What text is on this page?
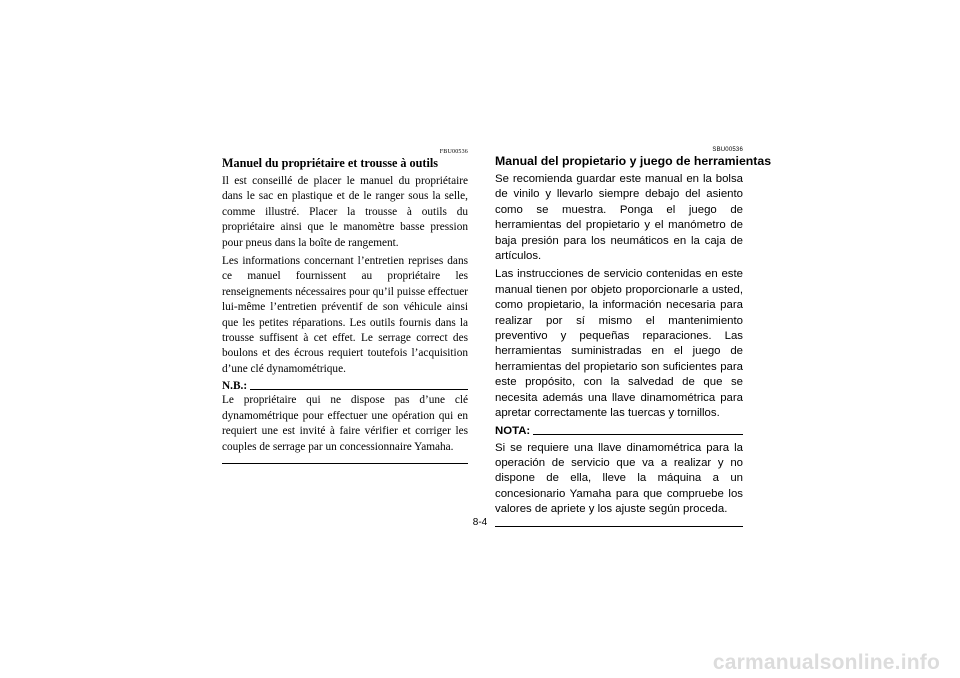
FBU00536
Manuel du propriétaire et trousse à outils

Il est conseillé de placer le manuel du propriétaire dans le sac en plastique et de le ranger sous la selle, comme illustré. Placer la trousse à outils du propriétaire ainsi que le manomètre basse pression pour pneus dans la boîte de rangement.

Les informations concernant l’entretien reprises dans ce manuel fournissent au propriétaire les renseignements nécessaires pour qu’il puisse effectuer lui-même l’entretien préventif de son véhicule ainsi que les petites réparations. Les outils fournis dans la trousse suffisent à cet effet. Le serrage correct des boulons et des écrous requiert toutefois l’acquisition d’une clé dynamométrique.

N.B.:

Le propriétaire qui ne dispose pas d’une clé dynamométrique pour effectuer une opération qui en requiert une est invité à faire vérifier et corriger les couples de serrage par un concessionnaire Yamaha.

SBU00536
Manual del propietario y juego de herramientas

Se recomienda guardar este manual en la bolsa de vinilo y llevarlo siempre debajo del asiento como se muestra. Ponga el juego de herramientas del propietario y el manómetro de baja presión para los neumáticos en la caja de artículos.

Las instrucciones de servicio contenidas en este manual tienen por objeto proporcionarle a usted, como propietario, la información necesaria para realizar por sí mismo el mantenimiento preventivo y pequeñas reparaciones. Las herramientas suministradas en el juego de herramientas del propietario son suficientes para este propósito, con la salvedad de que se necesita además una llave dinamométrica para apretar correctamente las tuercas y tornillos.

NOTA:

Si se requiere una llave dinamométrica para la operación de servicio que va a realizar y no dispone de ella, lleve la máquina a un concesionario Yamaha para que compruebe los valores de apriete y los ajuste según proceda.

8-4
carmanualsonline.info
